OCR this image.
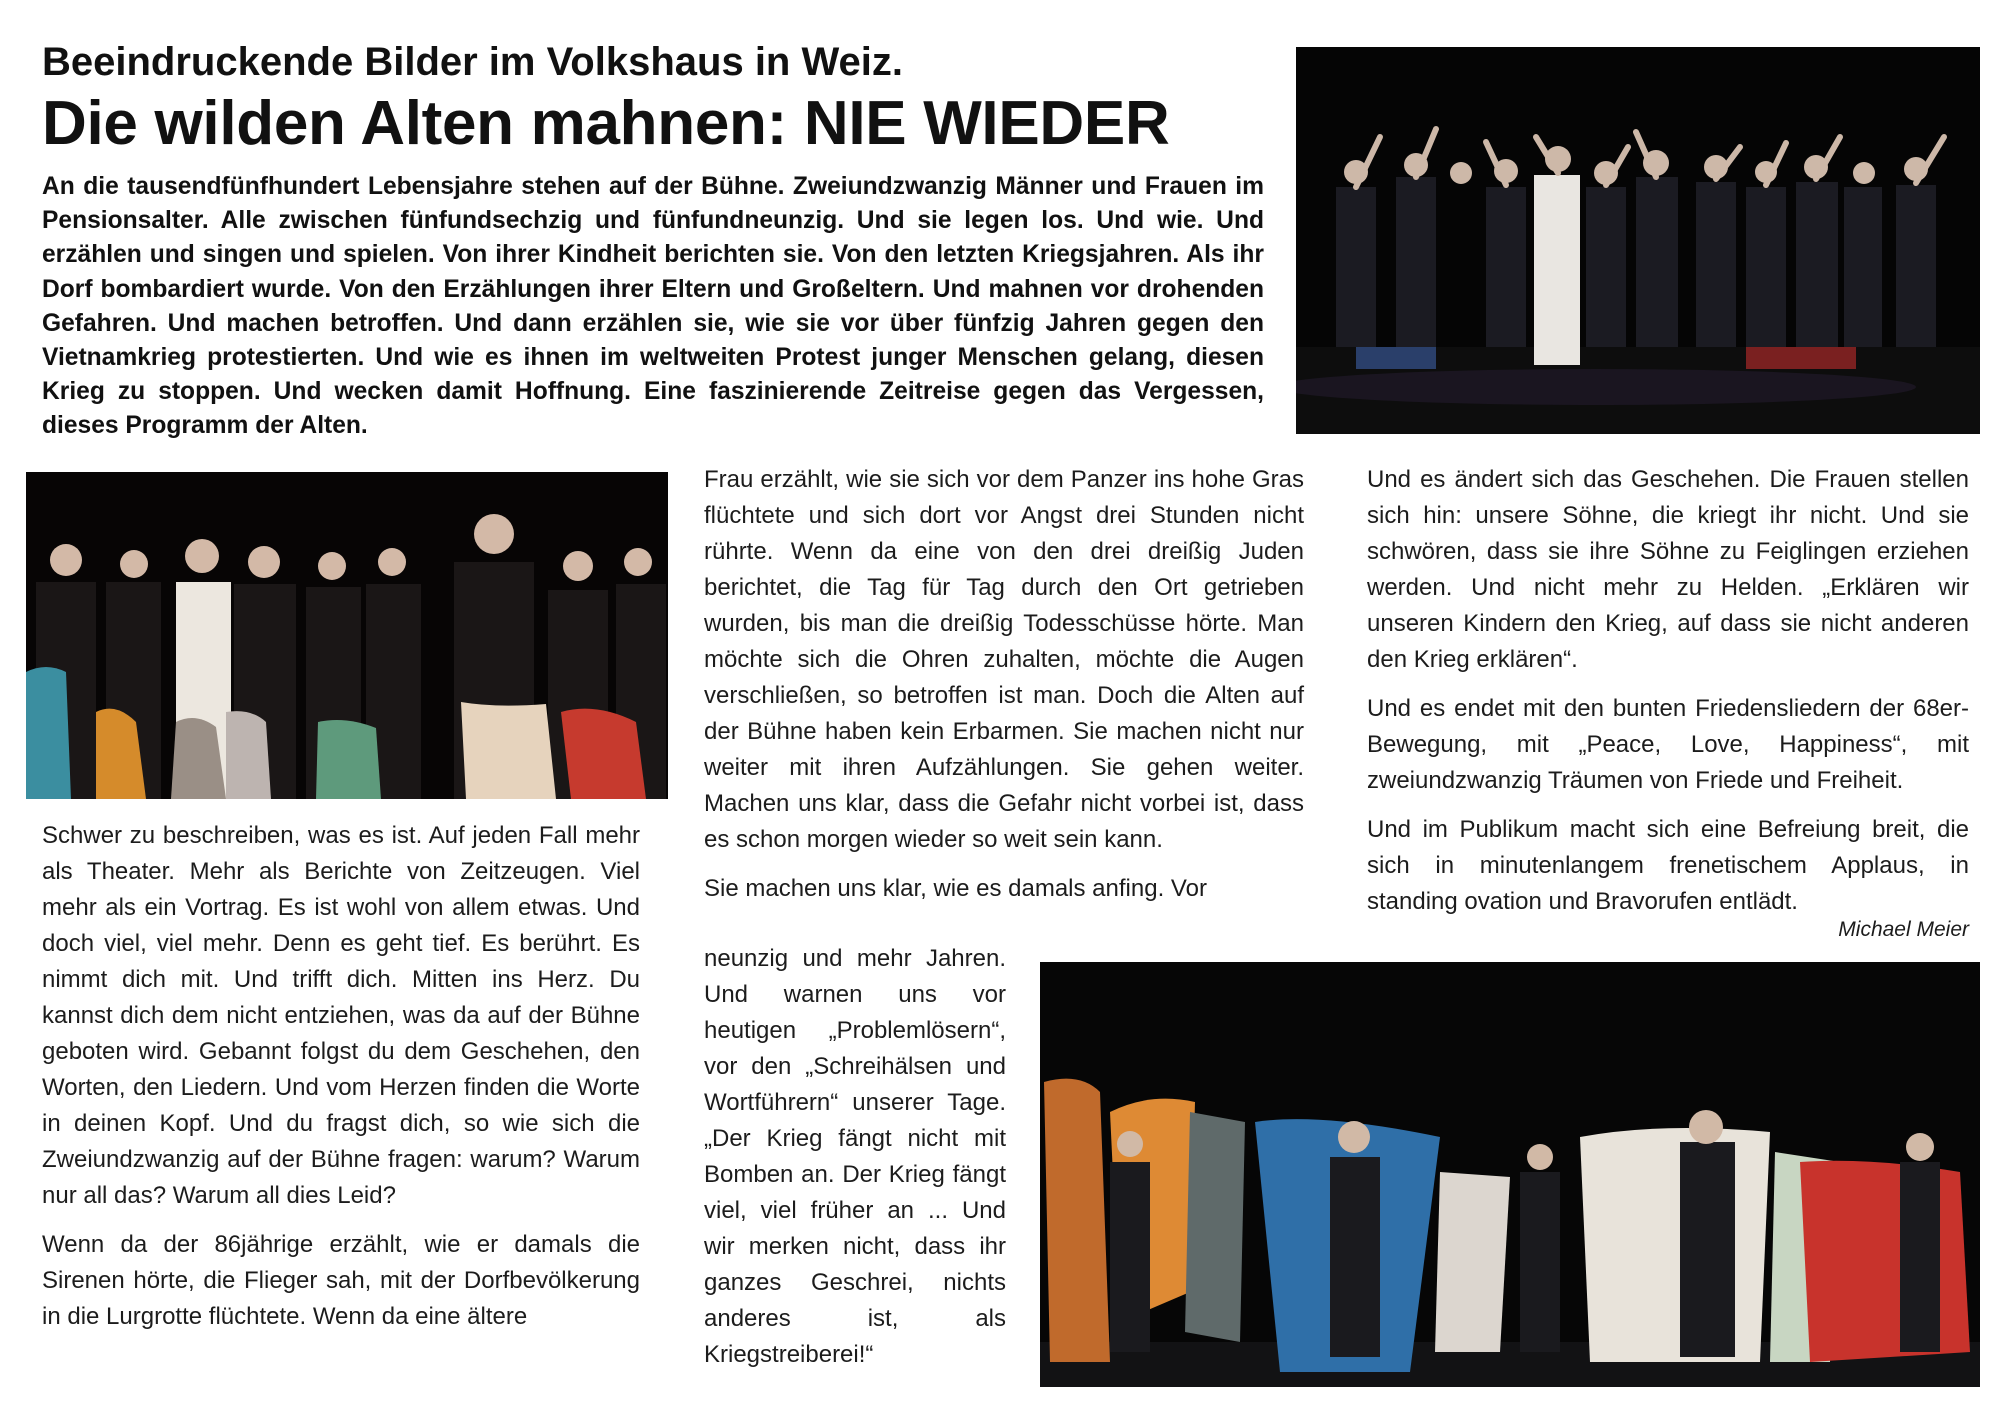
Beeindruckende Bilder im Volkshaus in Weiz.
Die wilden Alten mahnen: NIE WIEDER

An die tausendfünfhundert Lebensjahre stehen auf der Bühne. Zweiundzwanzig Männer und Frauen im Pensionsalter. Alle zwischen fünfundsechzig und fünfundneunzig. Und sie legen los. Und wie. Und erzählen und singen und spielen. Von ihrer Kindheit berichten sie. Von den letzten Kriegsjahren. Als ihr Dorf bombardiert wurde. Von den Erzählungen ihrer Eltern und Großeltern. Und mahnen vor drohenden Gefahren. Und machen betroffen. Und dann erzählen sie, wie sie vor über fünfzig Jahren gegen den Vietnamkrieg protestierten. Und wie es ihnen im weltweiten Protest junger Menschen gelang, diesen Krieg zu stoppen. Und wecken damit Hoffnung. Eine faszinierende Zeitreise gegen das Vergessen, dieses Programm der Alten.

Schwer zu beschreiben, was es ist. Auf jeden Fall mehr als Theater. Mehr als Berichte von Zeitzeugen. Viel mehr als ein Vortrag. Es ist wohl von allem etwas. Und doch viel, viel mehr. Denn es geht tief. Es berührt. Es nimmt dich mit. Und trifft dich. Mitten ins Herz. Du kannst dich dem nicht entziehen, was da auf der Bühne geboten wird. Gebannt folgst du dem Geschehen, den Worten, den Liedern. Und vom Herzen finden die Worte in deinen Kopf. Und du fragst dich, so wie sich die Zweiundzwanzig auf der Bühne fragen: warum? Warum nur all das? Warum all dies Leid?

Wenn da der 86jährige erzählt, wie er damals die Sirenen hörte, die Flieger sah, mit der Dorfbevölkerung in die Lurgrotte flüchtete. Wenn da eine ältere

Frau erzählt, wie sie sich vor dem Panzer ins hohe Gras flüchtete und sich dort vor Angst drei Stunden nicht rührte. Wenn da eine von den drei dreißig Juden berichtet, die Tag für Tag durch den Ort getrieben wurden, bis man die dreißig Todesschüsse hörte. Man möchte sich die Ohren zuhalten, möchte die Augen verschließen, so betroffen ist man. Doch die Alten auf der Bühne haben kein Erbarmen. Sie machen nicht nur weiter mit ihren Aufzählungen. Sie gehen weiter. Machen uns klar, dass die Gefahr nicht vorbei ist, dass es schon morgen wieder so weit sein kann.

Sie machen uns klar, wie es damals anfing. Vor

neunzig und mehr Jahren. Und warnen uns vor heutigen „Problemlösern“, vor den „Schreihälsen und Wortführern“ unserer Tage. „Der Krieg fängt nicht mit Bomben an. Der Krieg fängt viel, viel früher an ... Und wir merken nicht, dass ihr ganzes Geschrei, nichts anderes ist, als Kriegstreiberei!“

Und es ändert sich das Geschehen. Die Frauen stellen sich hin: unsere Söhne, die kriegt ihr nicht. Und sie schwören, dass sie ihre Söhne zu Feiglingen erziehen werden. Und nicht mehr zu Helden. „Erklären wir unseren Kindern den Krieg, auf dass sie nicht anderen den Krieg erklären“.

Und es endet mit den bunten Friedensliedern der 68er-Bewegung, mit „Peace, Love, Happiness“, mit zweiundzwanzig Träumen von Friede und Freiheit.

Und im Publikum macht sich eine Befreiung breit, die sich in minutenlangem frenetischem Applaus, in standing ovation und Bravorufen entlädt.

Michael Meier
